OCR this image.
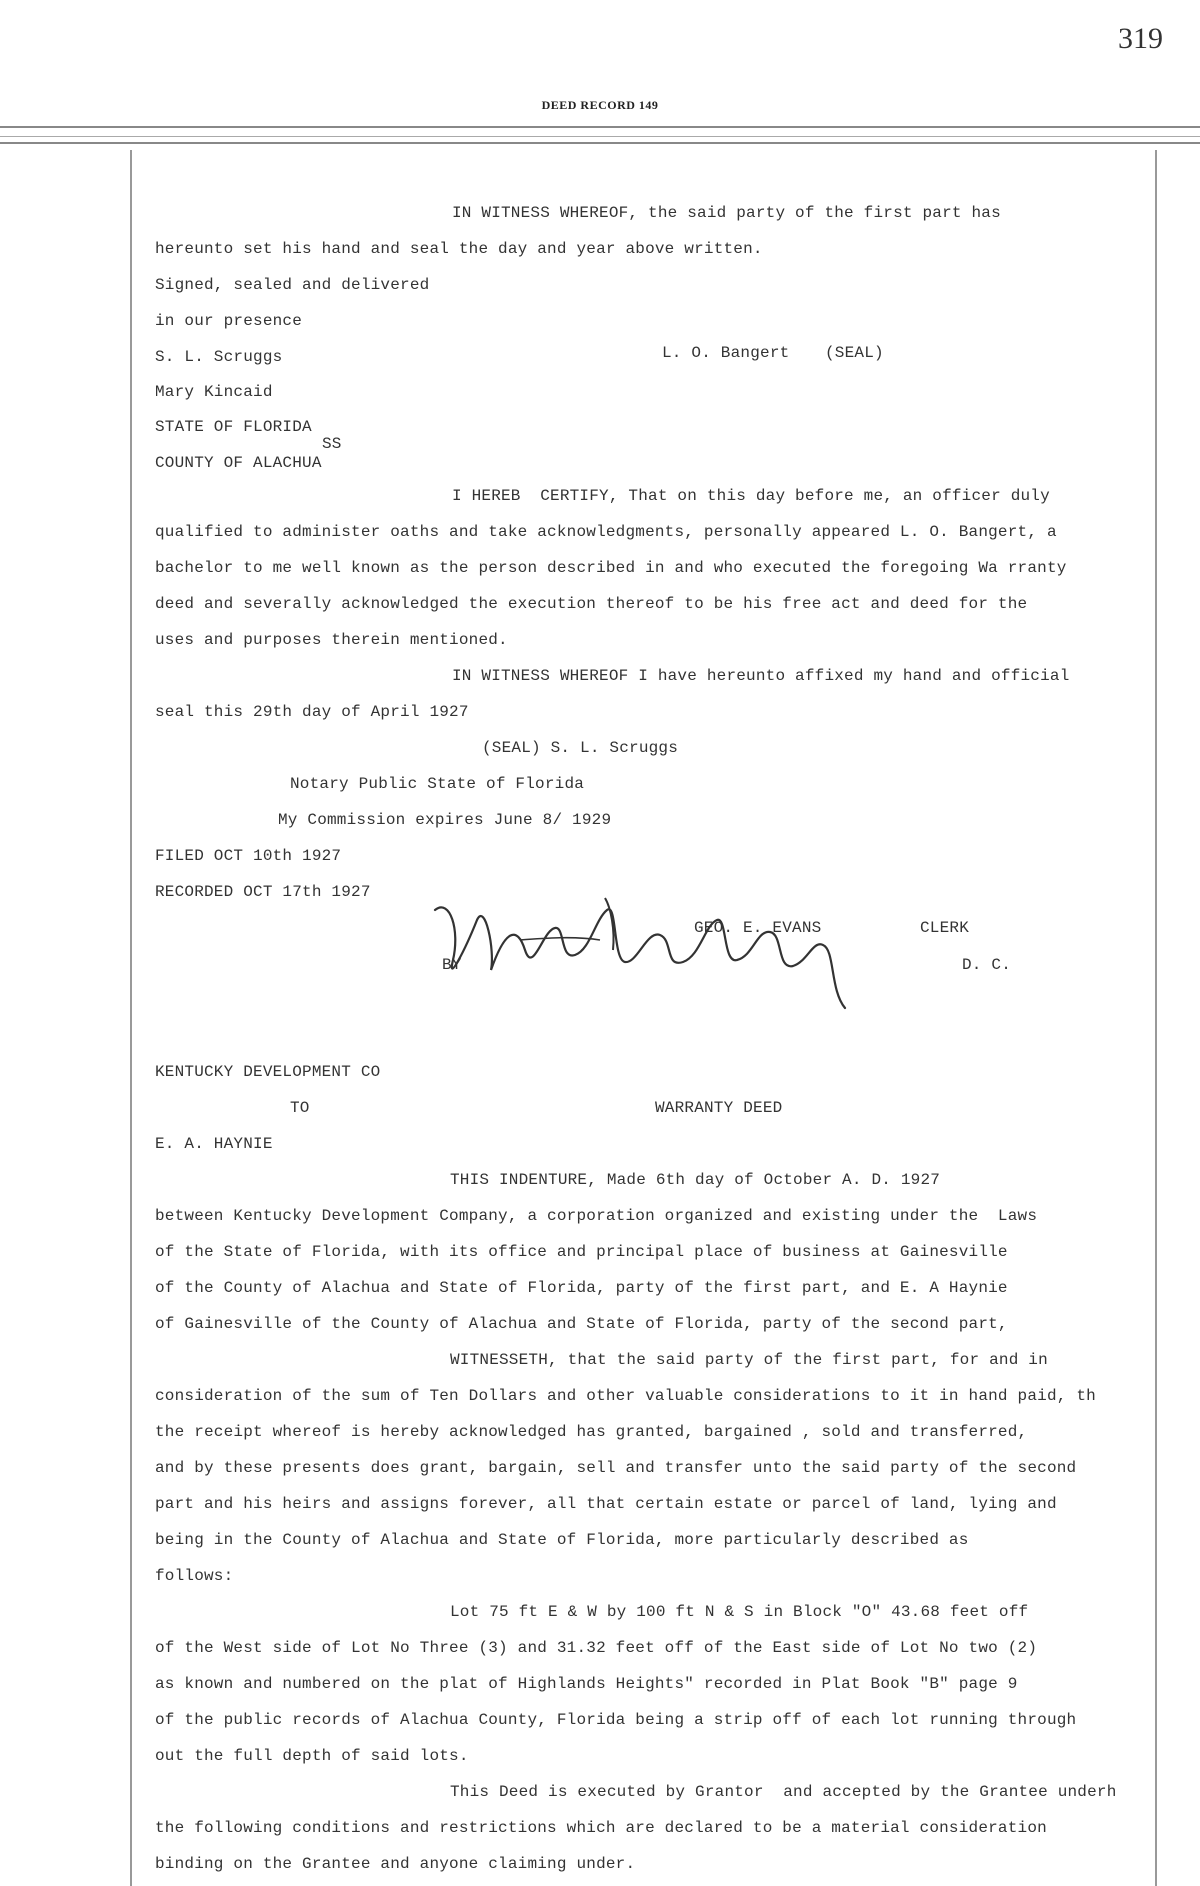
319
DEED RECORD 149
IN WITNESS WHEREOF, the said party of the first part has
hereunto set his hand and seal the day and year above written.
Signed, sealed and delivered
in our presence
S. L. Scruggs	L. O. Bangert (SEAL)
Mary Kincaid
STATE OF FLORIDA
SS
COUNTY OF ALACHUA
I HEREB  CERTIFY, That on this day before me, an officer duly
qualified to administer oaths and take acknowledgments, personally appeared L. O. Bangert, a
bachelor to me well known as the person described in and who executed the foregoing Wa rranty
deed and severally acknowledged the execution thereof to be his free act and deed for the
uses and purposes therein mentioned.
IN WITNESS WHEREOF I have hereunto affixed my hand and official
seal this 29th day of April 1927
(SEAL) S. L. Scruggs
Notary Public State of Florida
My Commission expires June 8/ 1929
FILED OCT 10th 1927
RECORDED OCT 17th 1927
GEO. E. EVANS	CLERK
BY	D. C.
KENTUCKY DEVELOPMENT CO
TO	WARRANTY DEED
E. A. HAYNIE
THIS INDENTURE, Made 6th day of October A. D. 1927
between Kentucky Development Company, a corporation organized and existing under the  Laws
of the State of Florida, with its office and principal place of business at Gainesville
of the County of Alachua and State of Florida, party of the first part, and E. A Haynie
of Gainesville of the County of Alachua and State of Florida, party of the second part,
WITNESSETH, that the said party of the first part, for and in
consideration of the sum of Ten Dollars and other valuable considerations to it in hand paid, th
the receipt whereof is hereby acknowledged has granted, bargained , sold and transferred,
and by these presents does grant, bargain, sell and transfer unto the said party of the second
part and his heirs and assigns forever, all that certain estate or parcel of land, lying and
being in the County of Alachua and State of Florida, more particularly described as
follows:
Lot 75 ft E & W by 100 ft N & S in Block "O" 43.68 feet off
of the West side of Lot No Three (3) and 31.32 feet off of the East side of Lot No two (2)
as known and numbered on the plat of Highlands Heights" recorded in Plat Book "B" page 9
of the public records of Alachua County, Florida being a strip off of each lot running through
out the full depth of said lots.
This Deed is executed by Grantor  and accepted by the Grantee underh
the following conditions and restrictions which are declared to be a material consideration
binding on the Grantee and anyone claiming under.
